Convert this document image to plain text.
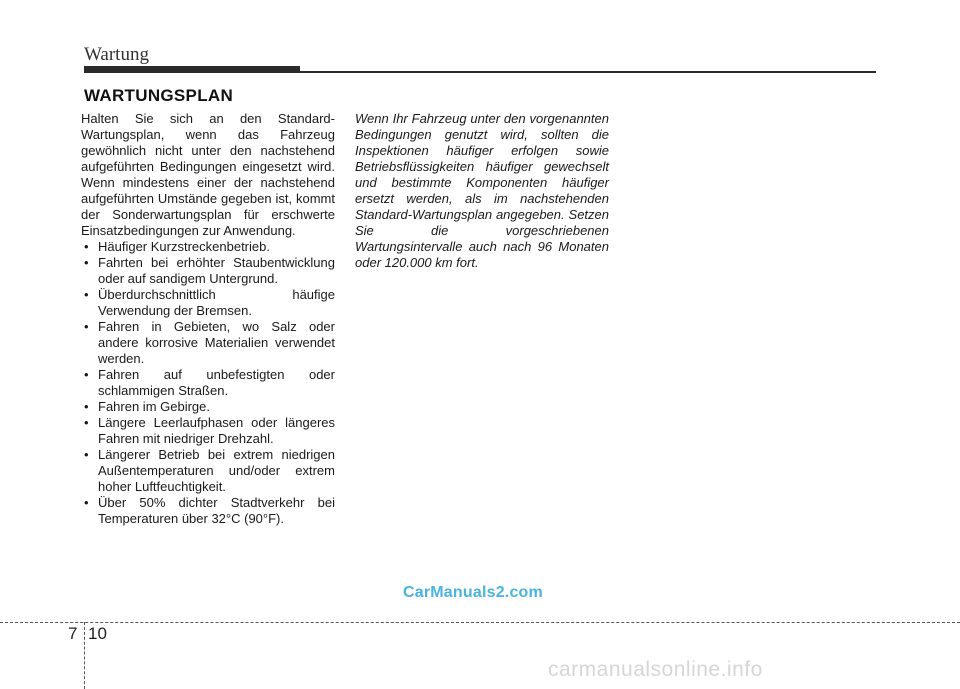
Wartung
WARTUNGSPLAN

Halten Sie sich an den Standard-Wartungsplan, wenn das Fahrzeug gewöhnlich nicht unter den nachstehend aufgeführten Bedingungen eingesetzt wird. Wenn mindestens einer der nachstehend aufgeführten Umstände gegeben ist, kommt der Sonderwartungsplan für erschwerte Einsatzbedingungen zur Anwendung.

• Häufiger Kurzstreckenbetrieb.
• Fahrten bei erhöhter Staubentwicklung oder auf sandigem Untergrund.
• Überdurchschnittlich häufige Verwendung der Bremsen.
• Fahren in Gebieten, wo Salz oder andere korrosive Materialien verwendet werden.
• Fahren auf unbefestigten oder schlammigen Straßen.
• Fahren im Gebirge.
• Längere Leerlaufphasen oder längeres Fahren mit niedriger Drehzahl.
• Längerer Betrieb bei extrem niedrigen Außentemperaturen und/oder extrem hoher Luftfeuchtigkeit.
• Über 50% dichter Stadtverkehr bei Temperaturen über 32°C (90°F).

Wenn Ihr Fahrzeug unter den vorgenannten Bedingungen genutzt wird, sollten die Inspektionen häufiger erfolgen sowie Betriebsflüssigkeiten häufiger gewechselt und bestimmte Komponenten häufiger ersetzt werden, als im nachstehenden Standard-Wartungsplan angegeben. Setzen Sie die vorgeschriebenen Wartungsintervalle auch nach 96 Monaten oder 120.000 km fort.

CarManuals2.com
7 10
carmanualsonline.info
